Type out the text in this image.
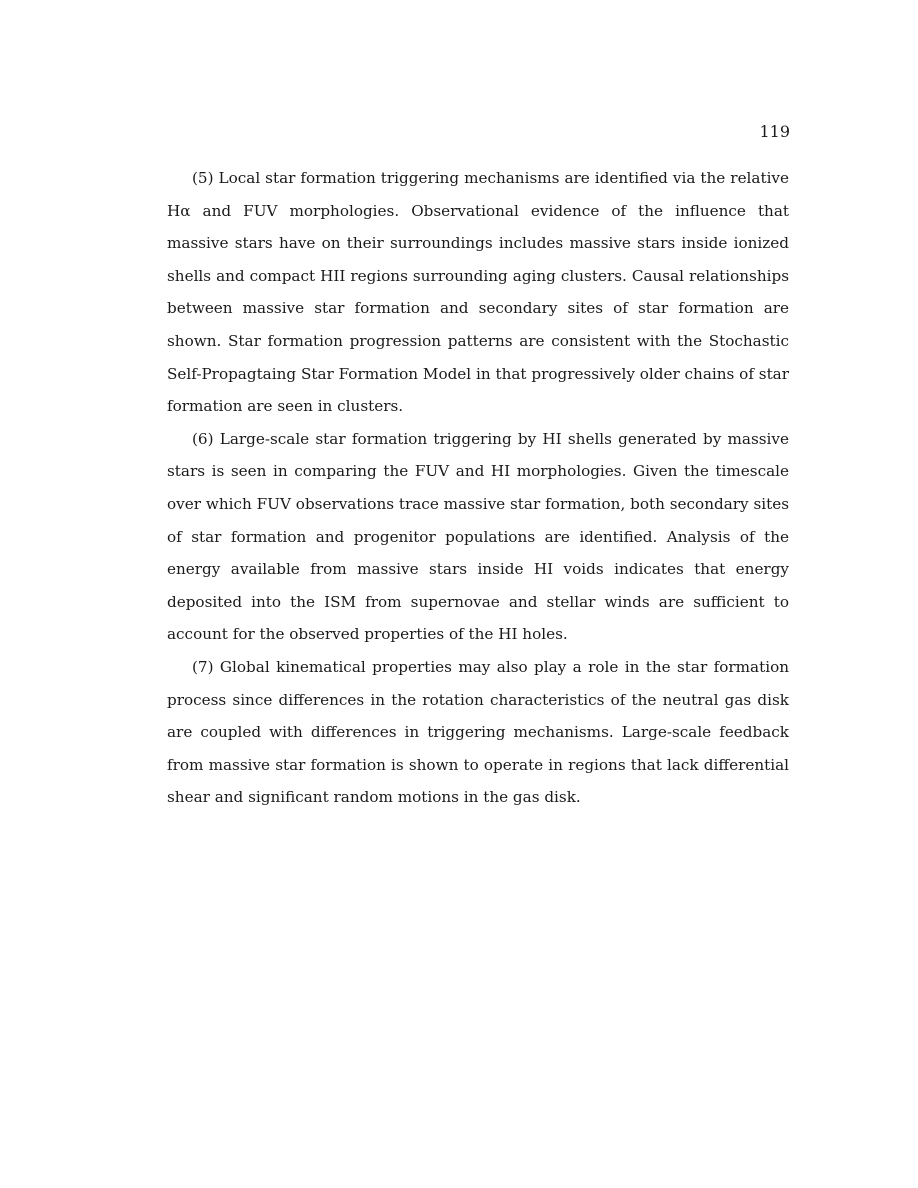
119

(5) Local star formation triggering mechanisms are identified via the relative Hα and FUV morphologies. Observational evidence of the influence that massive stars have on their surroundings includes massive stars inside ionized shells and compact HII regions surrounding aging clusters. Causal relationships between massive star formation and secondary sites of star formation are shown. Star formation progression patterns are consistent with the Stochastic Self-Propagtaing Star Formation Model in that progressively older chains of star formation are seen in clusters.

(6) Large-scale star formation triggering by HI shells generated by massive stars is seen in comparing the FUV and HI morphologies. Given the timescale over which FUV observations trace massive star formation, both secondary sites of star formation and progenitor populations are identified. Analysis of the energy available from massive stars inside HI voids indicates that energy deposited into the ISM from supernovae and stellar winds are sufficient to account for the observed properties of the HI holes.

(7) Global kinematical properties may also play a role in the star formation process since differences in the rotation characteristics of the neutral gas disk are coupled with differences in triggering mechanisms. Large-scale feedback from massive star formation is shown to operate in regions that lack differential shear and significant random motions in the gas disk.
